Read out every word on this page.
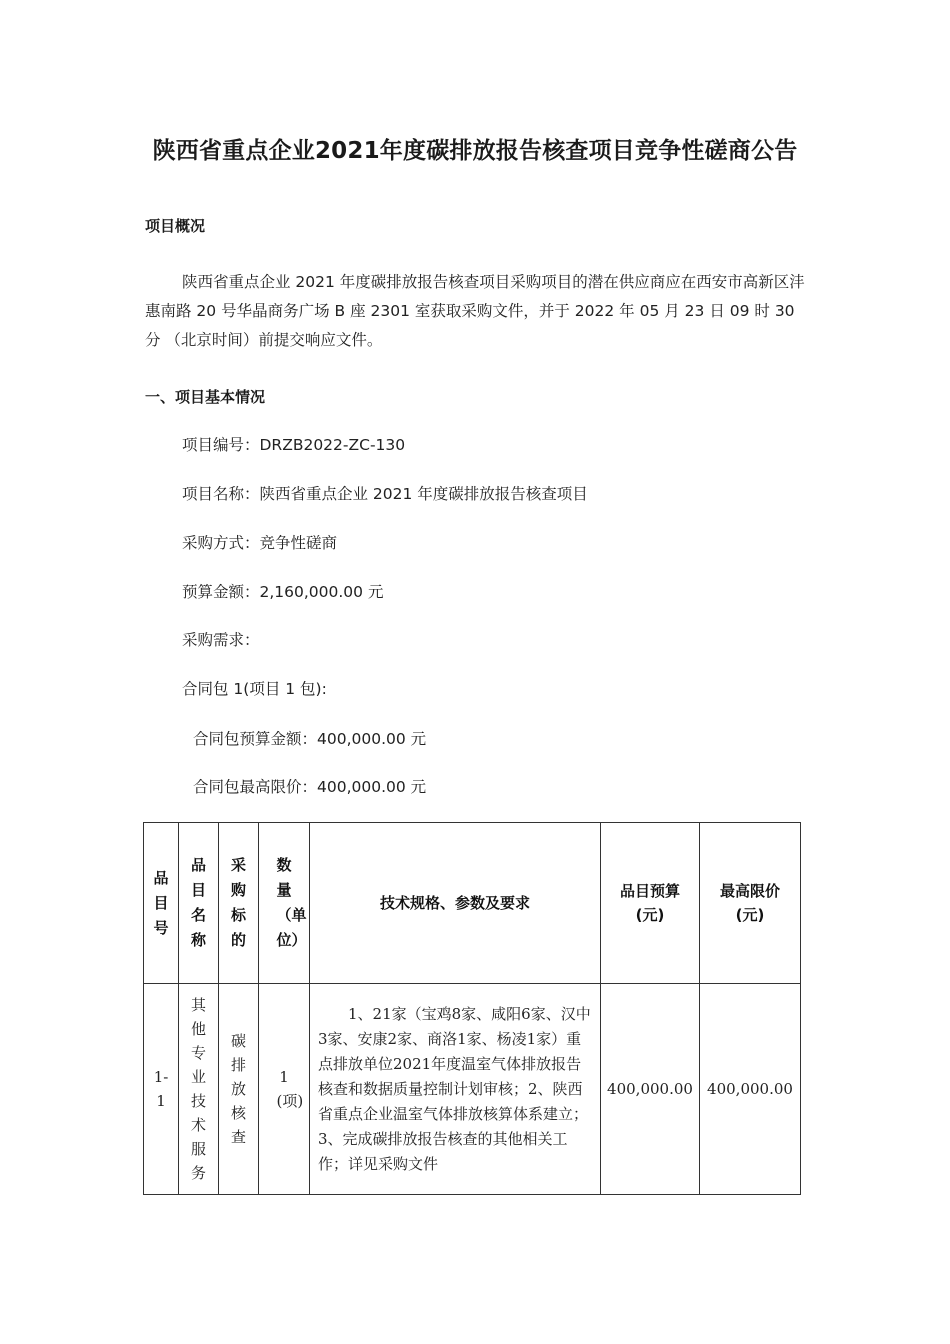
陕西省重点企业2021年度碳排放报告核查项目竞争性磋商公告
项目概况

陕西省重点企业 2021 年度碳排放报告核查项目采购项目的潜在供应商应在西安市高新区沣惠南路 20 号华晶商务广场 B 座 2301 室获取采购文件，并于 2022 年 05 月 23 日 09 时 30 分 （北京时间）前提交响应文件。

一、项目基本情况
项目编号：DRZB2022-ZC-130
项目名称：陕西省重点企业 2021 年度碳排放报告核查项目
采购方式：竞争性磋商
预算金额：2,160,000.00 元
采购需求：
合同包 1(项目 1 包):
合同包预算金额：400,000.00 元
合同包最高限价：400,000.00 元
品目号	品目名称	采购标的	数量（单位）	技术规格、参数及要求	品目预算(元)	最高限价(元)

1-1	其他专业技术服务	碳排放核查	1(项)	1、21家（宝鸡8家、咸阳6家、汉中3家、安康2家、商洛1家、杨凌1家）重点排放单位2021年度温室气体排放报告核查和数据质量控制计划审核；2、陕西省重点企业温室气体排放核算体系建立；3、完成碳排放报告核查的其他相关工作；详见采购文件	400,000.00	400,000.00
